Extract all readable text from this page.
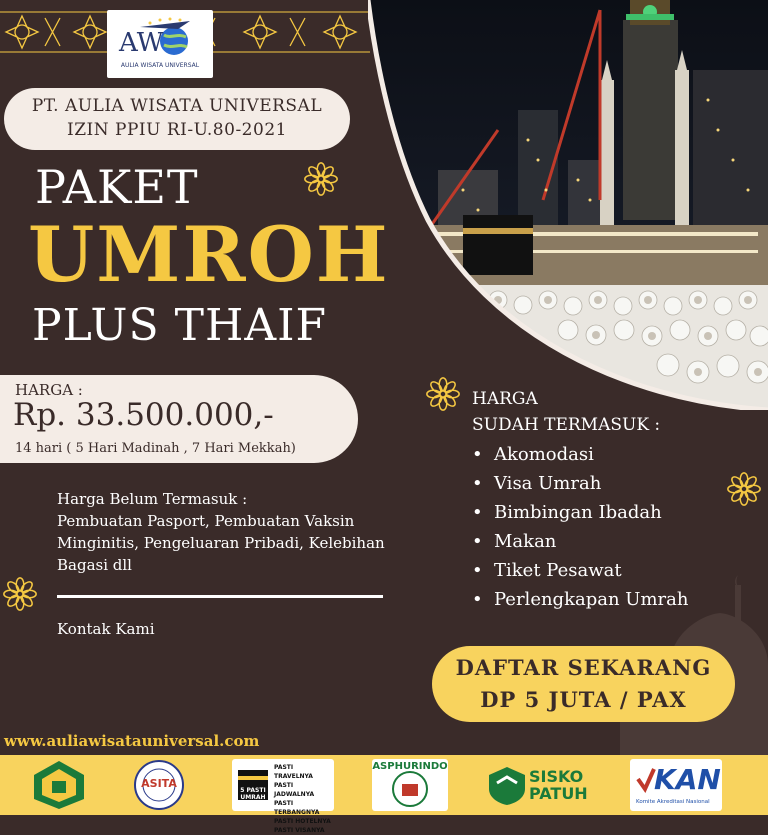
AW
AULIA WISATA UNIVERSAL
PT. AULIA WISATA UNIVERSAL
IZIN PPIU RI-U.80-2021
PAKET
UMROH
PLUS THAIF
HARGA :
Rp. 33.500.000,-
14 hari ( 5 Hari Madinah , 7 Hari Mekkah)
Harga Belum Termasuk :
Pembuatan Pasport, Pembuatan Vaksin Minginitis, Pengeluaran Pribadi, Kelebihan Bagasi dll
Kontak Kami
HARGA
SUDAH TERMASUK :
• Akomodasi
• Visa Umrah
• Bimbingan Ibadah
• Makan
• Tiket Pesawat
• Perlengkapan Umrah
DAFTAR SEKARANG
DP 5 JUTA / PAX
www.auliawisatauniversal.com
ASITA
5 PASTI UMRAH
PASTI TRAVELNYA
PASTI JADWALNYA
PASTI TERBANGNYA
PASTI HOTELNYA
PASTI VISANYA
ASPHURINDO
SISKO
PATUH KAN
Komite Akreditasi Nasional
